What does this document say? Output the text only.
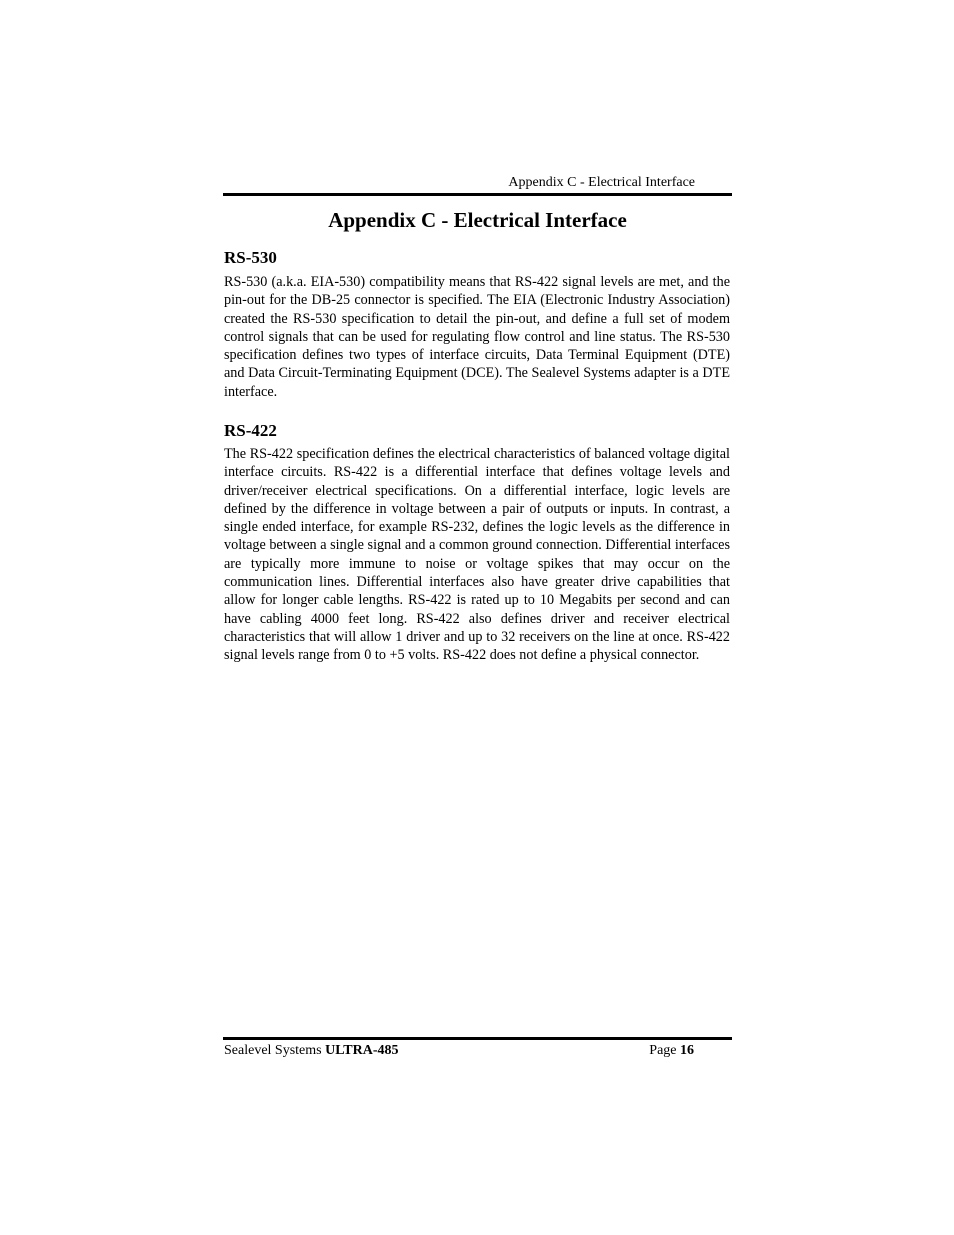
Appendix C - Electrical Interface
Appendix C - Electrical Interface
RS-530

RS-530 (a.k.a. EIA-530) compatibility means that RS-422 signal levels are met, and the pin-out for the DB-25 connector is specified. The EIA (Electronic Industry Association) created the RS-530 specification to detail the pin-out, and define a full set of modem control signals that can be used for regulating flow control and line status. The RS-530 specification defines two types of interface circuits, Data Terminal Equipment (DTE) and Data Circuit-Terminating Equipment (DCE). The Sealevel Systems adapter is a DTE interface.

RS-422

The RS-422 specification defines the electrical characteristics of balanced voltage digital interface circuits. RS-422 is a differential interface that defines voltage levels and driver/receiver electrical specifications. On a differential interface, logic levels are defined by the difference in voltage between a pair of outputs or inputs. In contrast, a single ended interface, for example RS-232, defines the logic levels as the difference in voltage between a single signal and a common ground connection. Differential interfaces are typically more immune to noise or voltage spikes that may occur on the communication lines. Differential interfaces also have greater drive capabilities that allow for longer cable lengths. RS-422 is rated up to 10 Megabits per second and can have cabling 4000 feet long. RS-422 also defines driver and receiver electrical characteristics that will allow 1 driver and up to 32 receivers on the line at once. RS-422 signal levels range from 0 to +5 volts. RS-422 does not define a physical connector.

Sealevel Systems ULTRA-485	Page 16
